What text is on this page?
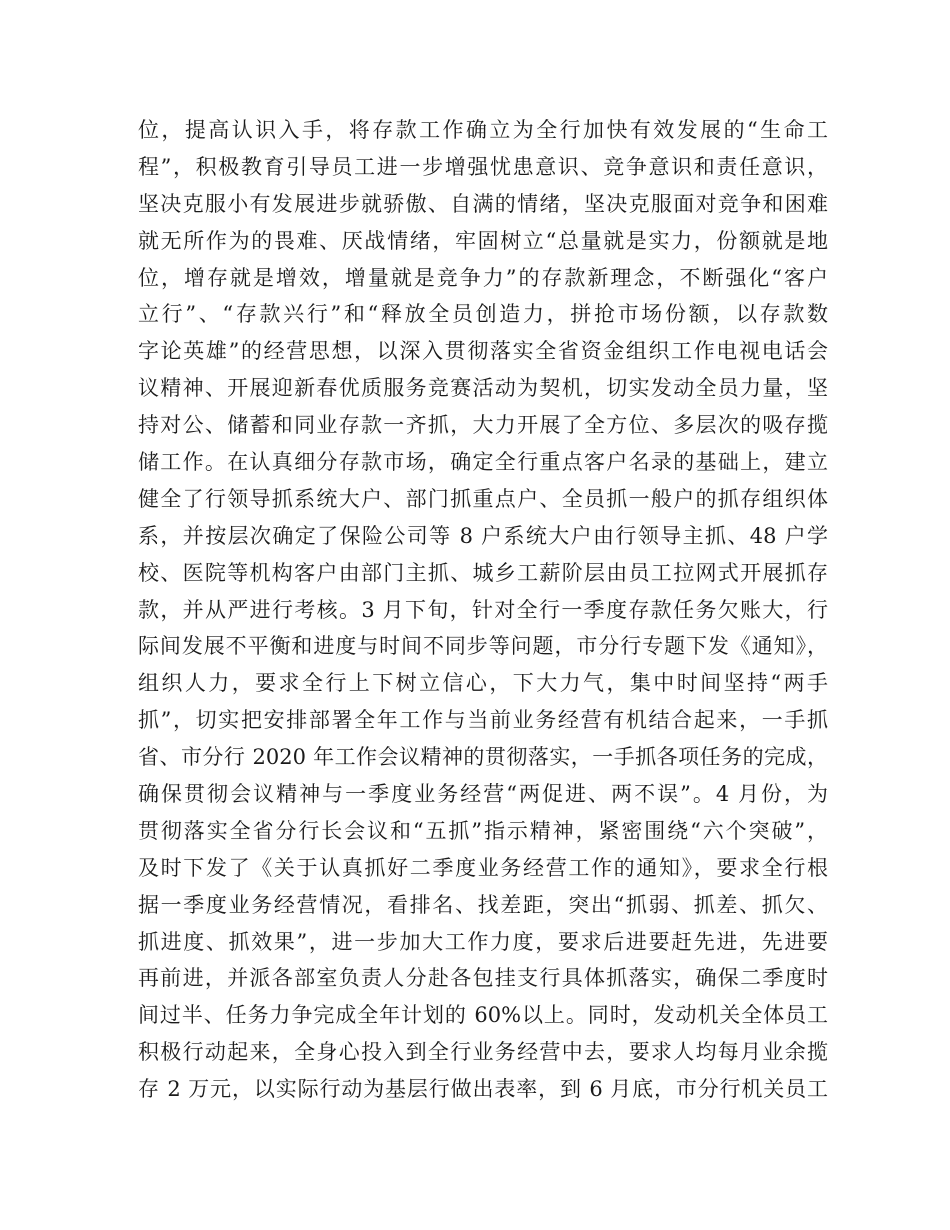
位，提高认识入手，将存款工作确立为全行加快有效发展的“生命工
程”，积极教育引导员工进一步增强忧患意识、竞争意识和责任意识，
坚决克服小有发展进步就骄傲、自满的情绪，坚决克服面对竞争和困难
就无所作为的畏难、厌战情绪，牢固树立“总量就是实力，份额就是地
位，增存就是增效，增量就是竞争力”的存款新理念，不断强化“客户
立行”、“存款兴行”和“释放全员创造力，拼抢市场份额，以存款数
字论英雄”的经营思想，以深入贯彻落实全省资金组织工作电视电话会
议精神、开展迎新春优质服务竞赛活动为契机，切实发动全员力量，坚
持对公、储蓄和同业存款一齐抓，大力开展了全方位、多层次的吸存揽
储工作。在认真细分存款市场，确定全行重点客户名录的基础上，建立
健全了行领导抓系统大户、部门抓重点户、全员抓一般户的抓存组织体
系，并按层次确定了保险公司等 8 户系统大户由行领导主抓、48 户学
校、医院等机构客户由部门主抓、城乡工薪阶层由员工拉网式开展抓存
款，并从严进行考核。3 月下旬，针对全行一季度存款任务欠账大，行
际间发展不平衡和进度与时间不同步等问题，市分行专题下发《通知》，
组织人力，要求全行上下树立信心，下大力气，集中时间坚持“两手
抓”，切实把安排部署全年工作与当前业务经营有机结合起来，一手抓
省、市分行 2020 年工作会议精神的贯彻落实，一手抓各项任务的完成，
确保贯彻会议精神与一季度业务经营“两促进、两不误”。4 月份，为
贯彻落实全省分行长会议和“五抓”指示精神，紧密围绕“六个突破”，
及时下发了《关于认真抓好二季度业务经营工作的通知》，要求全行根
据一季度业务经营情况，看排名、找差距，突出“抓弱、抓差、抓欠、
抓进度、抓效果”，进一步加大工作力度，要求后进要赶先进，先进要
再前进，并派各部室负责人分赴各包挂支行具体抓落实，确保二季度时
间过半、任务力争完成全年计划的 60%以上。同时，发动机关全体员工
积极行动起来，全身心投入到全行业务经营中去，要求人均每月业余揽
存 2 万元，以实际行动为基层行做出表率，到 6 月底，市分行机关员工
